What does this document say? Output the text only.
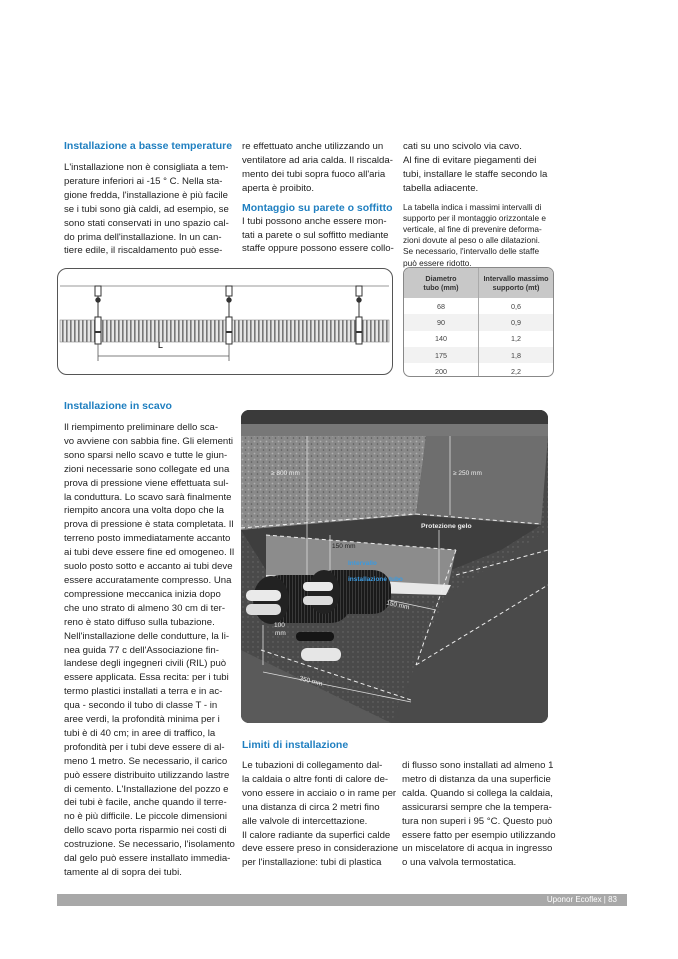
Installazione a basse temperature

L'installazione non è consigliata a tem-
perature inferiori ai -15 ° C. Nella sta-
gione fredda, l'installazione è più facile
se i tubi sono già caldi, ad esempio, se
sono stati conservati in uno spazio cal-
do prima dell'installazione. In un can-
tiere edile, il riscaldamento può esse-
re effettuato anche utilizzando un
ventilatore ad aria calda. Il riscalda-
mento dei tubi sopra fuoco all'aria
aperta è proibito.

Montaggio su parete o soffitto

I tubi possono anche essere mon-
tati a parete o sul soffitto mediante
staffe oppure possono essere collo-
cati su uno scivolo via cavo.
Al fine di evitare piegamenti dei
tubi, installare le staffe secondo la
tabella adiacente.
La tabella indica i massimi intervalli di
supporto per il montaggio orizzontale e
verticale, al fine di prevenire deforma-
zioni dovute al peso o alle dilatazioni.
Se necessario, l'intervallo delle staffe
può essere ridotto.
L
Diametro
tubo (mm)	Intervallo massimo
supporto (mt)

68	0,6
90	0,9
140	1,2
175	1,8
200	2,2

Installazione in scavo

Il riempimento preliminare dello sca-
vo avviene con sabbia fine. Gli elementi
sono sparsi nello scavo e tutte le giun-
zioni necessarie sono collegate ed una
prova di pressione viene effettuata sul-
la conduttura. Lo scavo sarà finalmente
riempito ancora una volta dopo che la
prova di pressione è stata completata. Il
terreno posto immediatamente accanto
ai tubi deve essere fine ed omogeneo. Il
suolo posto sotto e accanto ai tubi deve
essere accuratamente compresso. Una
compressione meccanica inizia dopo
che uno strato di almeno 30 cm di ter-
reno è stato diffuso sulla tubazione.
Nell'installazione delle condutture, la li-
nea guida 77 c dell'Associazione fin-
landese degli ingegneri civili (RIL) può
essere applicata. Essa recita: per i tubi
termo plastici installati a terra e in ac-
qua - secondo il tubo di classe T - in
aree verdi, la profondità minima per i
tubi è di 40 cm; in aree di traffico, la
profondità per i tubi deve essere di al-
meno 1 metro. Se necessario, il carico
può essere distribuito utilizzando lastre
di cemento. L'Installazione del pozzo e
dei tubi è facile, anche quando il terre-
no è più difficile. Le piccole dimensioni
dello scavo porta risparmio nei costi di
costruzione. Se necessario, l'isolamento
dal gelo può essere installato immedia-
tamente al di sopra dei tubi.
≥ 800 mm	≥ 250 mm
Protezione gelo
150 mm
Intervallo
installazione tubo
150 mm
100
mm
350 mm

Limiti di installazione

Le tubazioni di collegamento dal-
la caldaia o altre fonti di calore de-
vono essere in acciaio o in rame per
una distanza di circa 2 metri fino
alle valvole di intercettazione.
Il calore radiante da superfici calde
deve essere preso in considerazione
per l'installazione: tubi di plastica
di flusso sono installati ad almeno 1
metro di distanza da una superficie
calda. Quando si collega la caldaia,
assicurarsi sempre che la tempera-
tura non superi i 95 °C. Questo può
essere fatto per esempio utilizzando
un miscelatore di acqua in ingresso
o una valvola termostatica.
Uponor Ecoflex | 83
